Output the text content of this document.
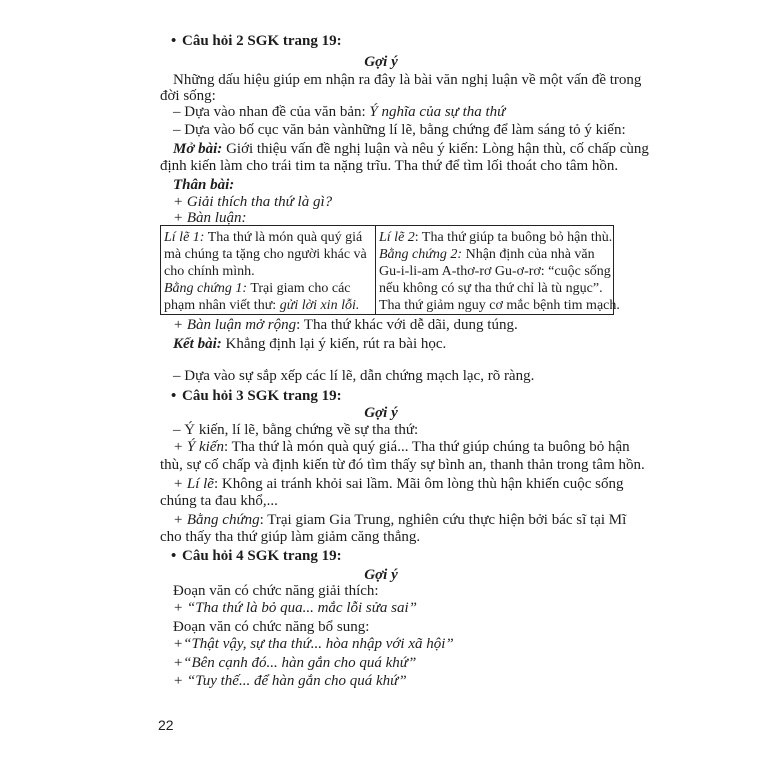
• Câu hỏi 2 SGK trang 19:
Gợi ý
Những dấu hiệu giúp em nhận ra đây là bài văn nghị luận về một vấn đề trong
đời sống:
– Dựa vào nhan đề của văn bản: Ý nghĩa của sự tha thứ
– Dựa vào bố cục văn bản vànhững lí lẽ, bằng chứng để làm sáng tỏ ý kiến:
Mở bài: Giới thiệu vấn đề nghị luận và nêu ý kiến: Lòng hận thù, cố chấp cùng
định kiến làm cho trái tim ta nặng trĩu. Tha thứ để tìm lối thoát cho tâm hồn.
Thân bài:
+ Giải thích tha thứ là gì?
+ Bàn luận:
Lí lẽ 1: Tha thứ là món quà quý giá
mà chúng ta tặng cho người khác và
cho chính mình.
Bằng chứng 1: Trại giam cho các
phạm nhân viết thư: gửi lời xin lỗi.

Lí lẽ 2: Tha thứ giúp ta buông bỏ hận thù.
Bằng chứng 2: Nhận định của nhà văn
Gu-i-li-am A-thơ-rơ Gu-ơ-rơ: “cuộc sống
nếu không có sự tha thứ chỉ là tù ngục”.
Tha thứ giảm nguy cơ mắc bệnh tim mạch.
+ Bàn luận mở rộng: Tha thứ khác với dễ dãi, dung túng.
Kết bài: Khẳng định lại ý kiến, rút ra bài học.
– Dựa vào sự sắp xếp các lí lẽ, dẫn chứng mạch lạc, rõ ràng.
• Câu hỏi 3 SGK trang 19:
Gợi ý
– Ý kiến, lí lẽ, bằng chứng về sự tha thứ:
+ Ý kiến: Tha thứ là món quà quý giá... Tha thứ giúp chúng ta buông bỏ hận
thù, sự cố chấp và định kiến từ đó tìm thấy sự bình an, thanh thản trong tâm hồn.
+ Lí lẽ: Không ai tránh khỏi sai lầm. Mãi ôm lòng thù hận khiến cuộc sống
chúng ta đau khổ,...
+ Bằng chứng: Trại giam Gia Trung, nghiên cứu thực hiện bởi bác sĩ tại Mĩ
cho thấy tha thứ giúp làm giảm căng thẳng.
• Câu hỏi 4 SGK trang 19:
Gợi ý
Đoạn văn có chức năng giải thích:
+ “Tha thứ là bỏ qua... mắc lỗi sửa sai”
Đoạn văn có chức năng bổ sung:
+“Thật vậy, sự tha thứ... hòa nhập với xã hội”
+“Bên cạnh đó... hàn gắn cho quá khứ”
+ “Tuy thế... để hàn gắn cho quá khứ”
22
